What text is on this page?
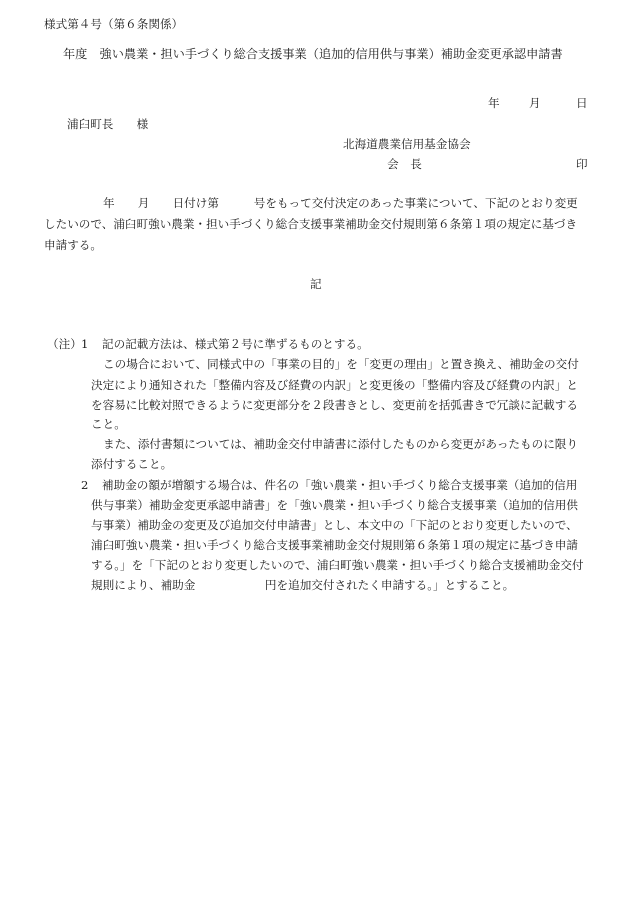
様式第４号（第６条関係）
年度　強い農業・担い手づくり総合支援事業（追加的信用供与事業）補助金変更承認申請書
年	月	日
浦臼町長　　様
北海道農業信用基金協会
会　長	印
年　　月　　日付け第　　　号をもって交付決定のあった事業について、下記のとおり変更
したいので、浦臼町強い農業・担い手づくり総合支援事業補助金交付規則第６条第１項の規定に基づき
申請する。
記
（注） 1 記の記載方法は、様式第２号に準ずるものとする。
この場合において、同様式中の「事業の目的」を「変更の理由」と置き換え、補助金の交付
決定により通知された「整備内容及び経費の内訳」と変更後の「整備内容及び経費の内訳」と
を容易に比較対照できるように変更部分を２段書きとし、変更前を括弧書きで冗談に記載する
こと。
また、添付書類については、補助金交付申請書に添付したものから変更があったものに限り
添付すること。
2 補助金の額が増額する場合は、件名の「強い農業・担い手づくり総合支援事業（追加的信用
供与事業）補助金変更承認申請書」を「強い農業・担い手づくり総合支援事業（追加的信用供
与事業）補助金の変更及び追加交付申請書」とし、本文中の「下記のとおり変更したいので、
浦臼町強い農業・担い手づくり総合支援事業補助金交付規則第６条第１項の規定に基づき申請
する。」を「下記のとおり変更したいので、浦臼町強い農業・担い手づくり総合支援補助金交付
規則により、補助金　　　　　　円を追加交付されたく申請する。」とすること。
